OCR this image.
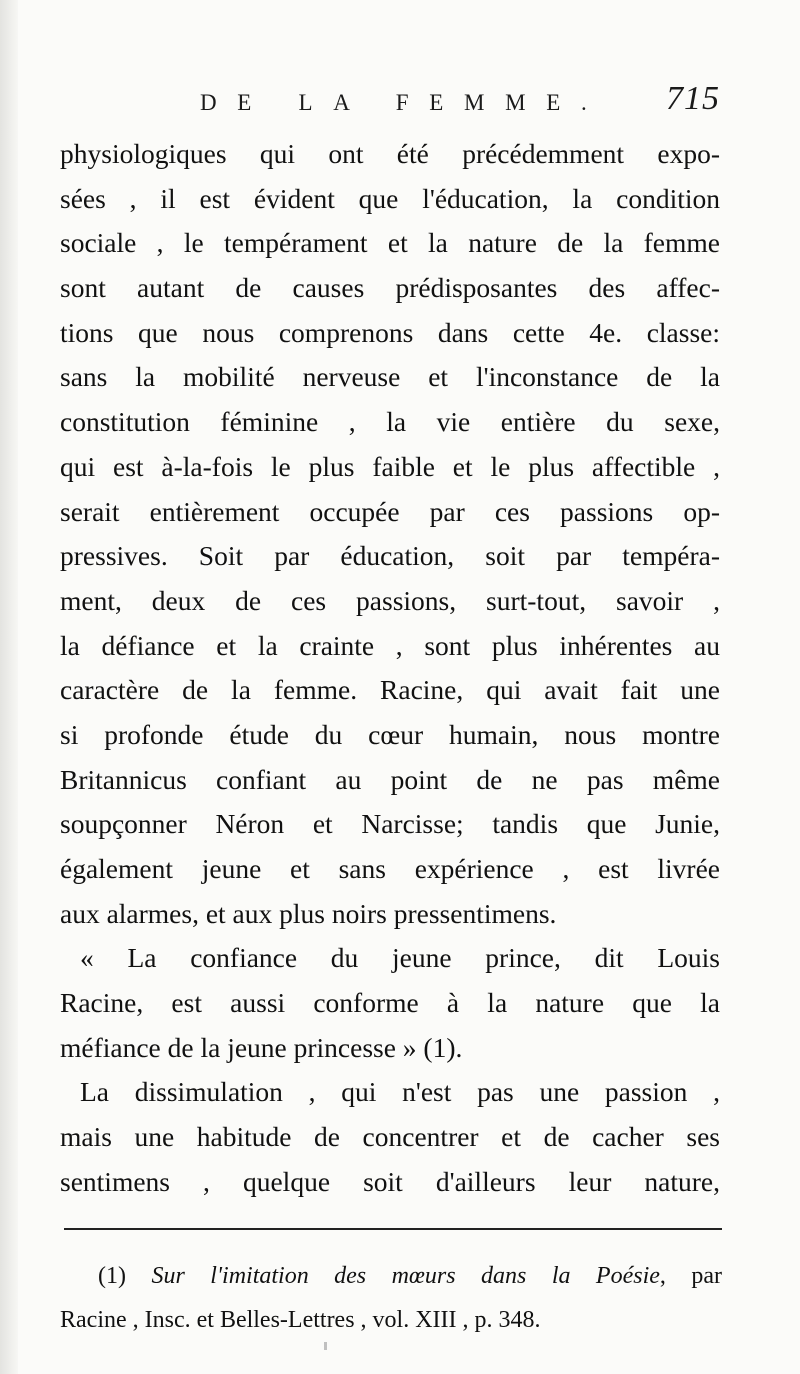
DE LA FEMME. 715
physiologiques qui ont été précédemment expo-
sées , il est évident que l'éducation, la condition
sociale , le tempérament et la nature de la femme
sont autant de causes prédisposantes des affec-
tions que nous comprenons dans cette 4e. classe:
sans la mobilité nerveuse et l'inconstance de la
constitution féminine , la vie entière du sexe,
qui est à-la-fois le plus faible et le plus affectible ,
serait entièrement occupée par ces passions op-
pressives. Soit par éducation, soit par tempéra-
ment, deux de ces passions, surt-tout, savoir ,
la défiance et la crainte , sont plus inhérentes au
caractère de la femme. Racine, qui avait fait une
si profonde étude du cœur humain, nous montre
Britannicus confiant au point de ne pas même
soupçonner Néron et Narcisse; tandis que Junie,
également jeune et sans expérience , est livrée
aux alarmes, et aux plus noirs pressentimens.
« La confiance du jeune prince, dit Louis
Racine, est aussi conforme à la nature que la
méfiance de la jeune princesse » (1).
La dissimulation , qui n'est pas une passion ,
mais une habitude de concentrer et de cacher ses
sentimens , quelque soit d'ailleurs leur nature,
(1) Sur l'imitation des mœurs dans la Poésie, par
Racine , Insc. et Belles-Lettres , vol. XIII , p. 348.
